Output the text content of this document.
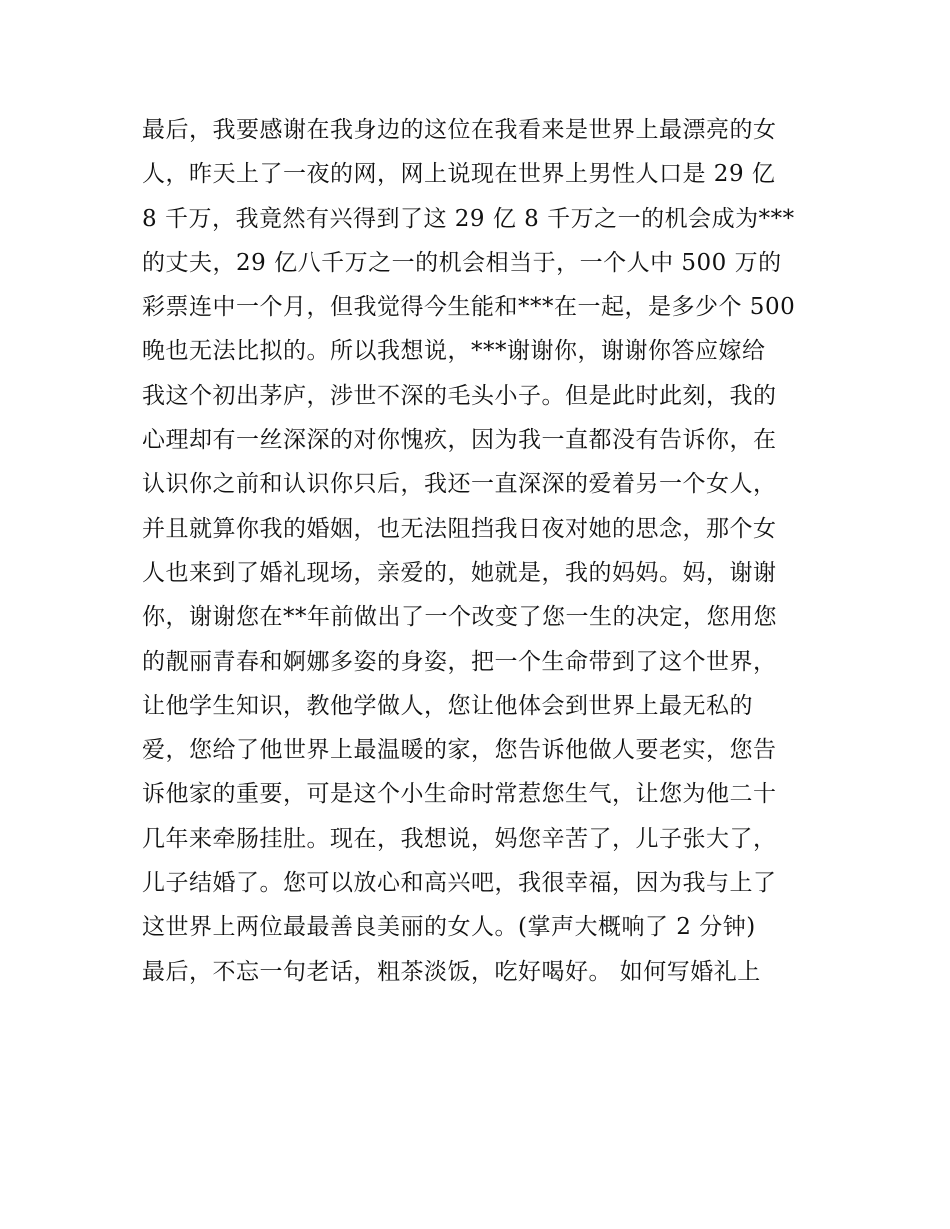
最后，我要感谢在我身边的这位在我看来是世界上最漂亮的女
人，昨天上了一夜的网，网上说现在世界上男性人口是 29 亿
8 千万，我竟然有兴得到了这 29 亿 8 千万之一的机会成为***
的丈夫，29 亿八千万之一的机会相当于，一个人中 500 万的
彩票连中一个月，但我觉得今生能和***在一起，是多少个 500
晚也无法比拟的。所以我想说，***谢谢你，谢谢你答应嫁给
我这个初出茅庐，涉世不深的毛头小子。但是此时此刻，我的
心理却有一丝深深的对你愧疚，因为我一直都没有告诉你，在
认识你之前和认识你只后，我还一直深深的爱着另一个女人，
并且就算你我的婚姻，也无法阻挡我日夜对她的思念，那个女
人也来到了婚礼现场，亲爱的，她就是，我的妈妈。妈，谢谢
你，谢谢您在**年前做出了一个改变了您一生的决定，您用您
的靓丽青春和婀娜多姿的身姿，把一个生命带到了这个世界，
让他学生知识，教他学做人，您让他体会到世界上最无私的
爱，您给了他世界上最温暖的家，您告诉他做人要老实，您告
诉他家的重要，可是这个小生命时常惹您生气，让您为他二十
几年来牵肠挂肚。现在，我想说，妈您辛苦了，儿子张大了，
儿子结婚了。您可以放心和高兴吧，我很幸福，因为我与上了
这世界上两位最最善良美丽的女人。(掌声大概响了 2 分钟)
最后，不忘一句老话，粗茶淡饭，吃好喝好。 如何写婚礼上
